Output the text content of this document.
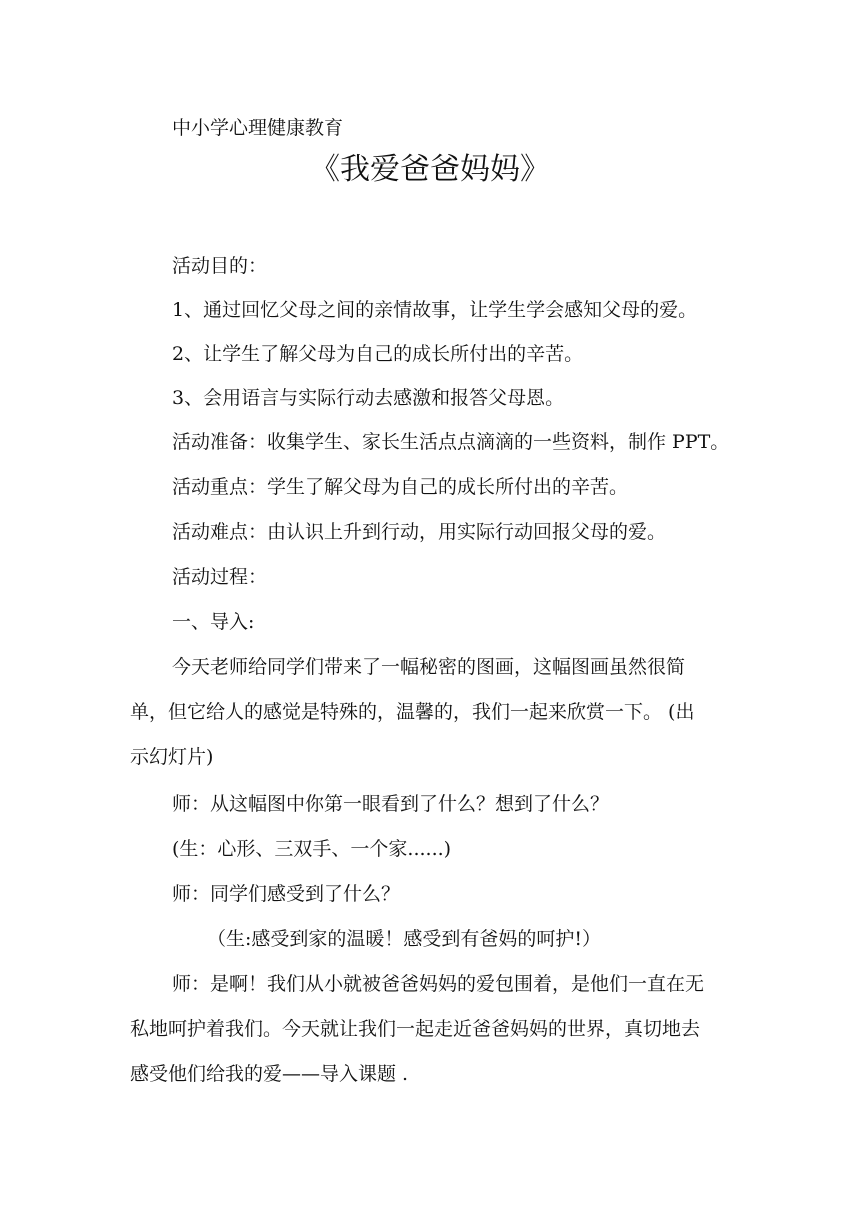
中小学心理健康教育
《我爱爸爸妈妈》
活动目的：
1、通过回忆父母之间的亲情故事，让学生学会感知父母的爱。
2、让学生了解父母为自己的成长所付出的辛苦。
3、会用语言与实际行动去感激和报答父母恩。
活动准备：收集学生、家长生活点点滴滴的一些资料，制作 PPT。
活动重点：学生了解父母为自己的成长所付出的辛苦。
活动难点：由认识上升到行动，用实际行动回报父母的爱。
活动过程：
一、导入:
今天老师给同学们带来了一幅秘密的图画，这幅图画虽然很简
单，但它给人的感觉是特殊的，温馨的，我们一起来欣赏一下。 (出
示幻灯片)
师：从这幅图中你第一眼看到了什么？想到了什么？
(生：心形、三双手、一个家......)
师：同学们感受到了什么？
（生:感受到家的温暖！感受到有爸妈的呵护!）
师：是啊！我们从小就被爸爸妈妈的爱包围着，是他们一直在无
私地呵护着我们。今天就让我们一起走近爸爸妈妈的世界，真切地去
感受他们给我的爱——导入课题 .
